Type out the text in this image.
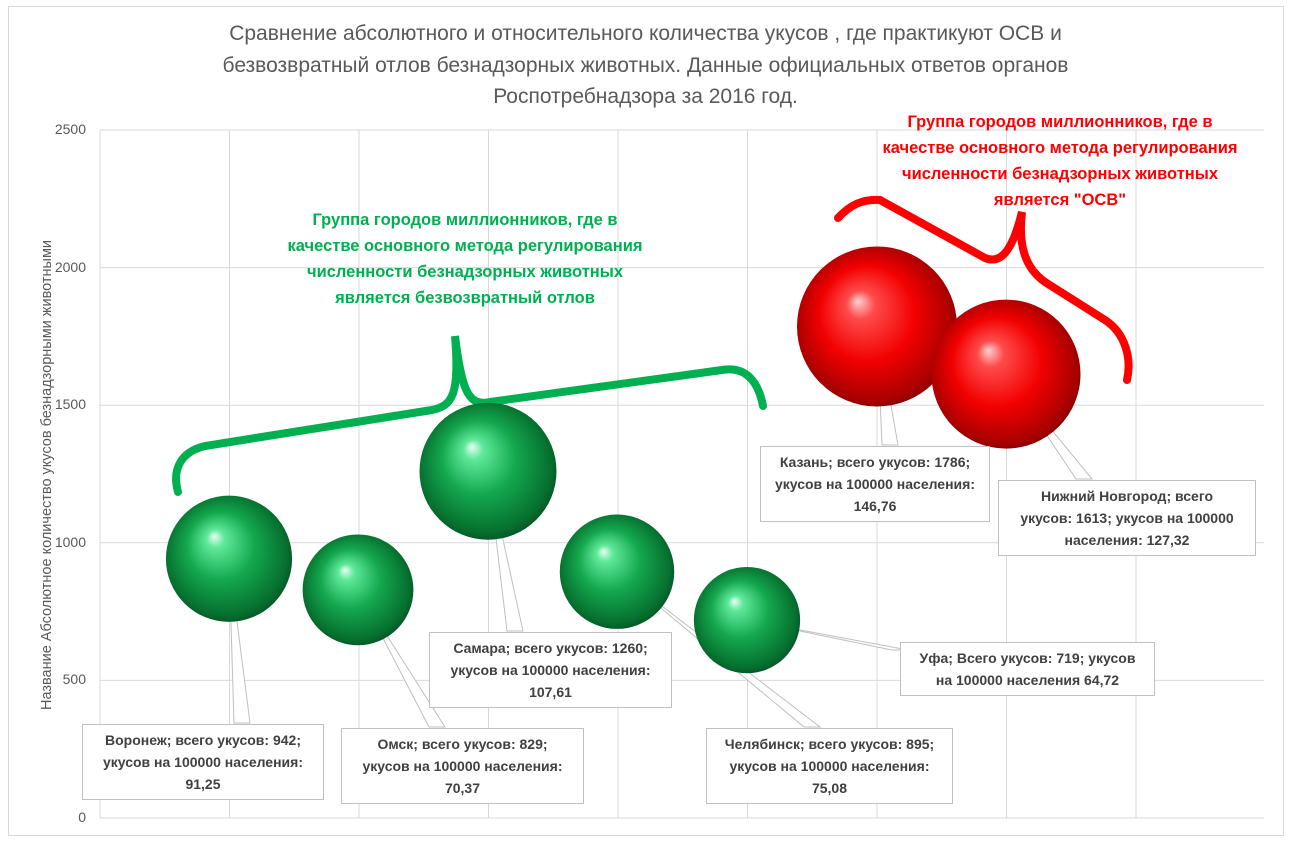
Сравнение абсолютного и относительного количества укусов , где практикуют ОСВ и
безвозвратный отлов безнадзорных животных. Данные официальных ответов органов
Роспотребнадзора за 2016 год.
0
500
1000
1500
2000
2500
Название Абсолютное количество укусов безнадзорными животными
Группа городов миллионников, где в
качестве основного метода регулирования
численности безнадзорных животных
является безвозвратный отлов
Группа городов миллионников, где в
качестве основного метода регулирования
численности безнадзорных животных
является "ОСВ"
Воронеж; всего укусов: 942;
укусов на 100000 населения:
91,25
Омск; всего укусов: 829;
укусов на 100000 населения:
70,37
Самара; всего укусов: 1260;
укусов на 100000 населения:
107,61
Челябинск; всего укусов: 895;
укусов на 100000 населения:
75,08
Уфа; Всего укусов: 719; укусов
на 100000 населения 64,72
Казань; всего укусов: 1786;
укусов на 100000 населения:
146,76
Нижний Новгород; всего
укусов: 1613; укусов на 100000
населения: 127,32
